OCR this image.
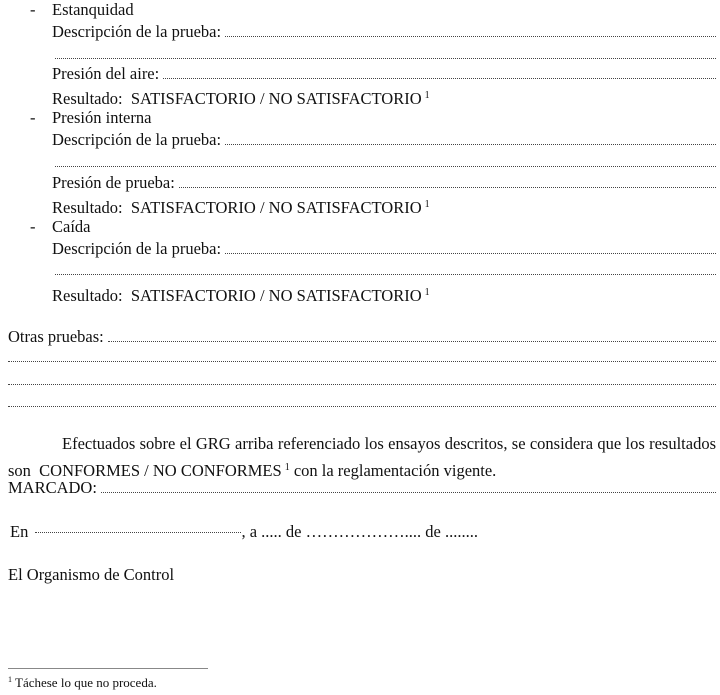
- Estanquidad
Descripción de la prueba:
Presión del aire:
Resultado: SATISFACTORIO / NO SATISFACTORIO $^1$
- Presión interna
Descripción de la prueba:
Presión de prueba:
Resultado: SATISFACTORIO / NO SATISFACTORIO $^1$
- Caída
Descripción de la prueba:
Resultado: SATISFACTORIO / NO SATISFACTORIO $^1$
Otras pruebas:
Efectuados sobre el GRG arriba referenciado los ensayos descritos, se considera que los resultados son CONFORMES / NO CONFORMES $^1$ con la reglamentación vigente.
MARCADO:
En	, a ..... de ……………….... de ........
El Organismo de Control
$^1$ Táchese lo que no proceda.
